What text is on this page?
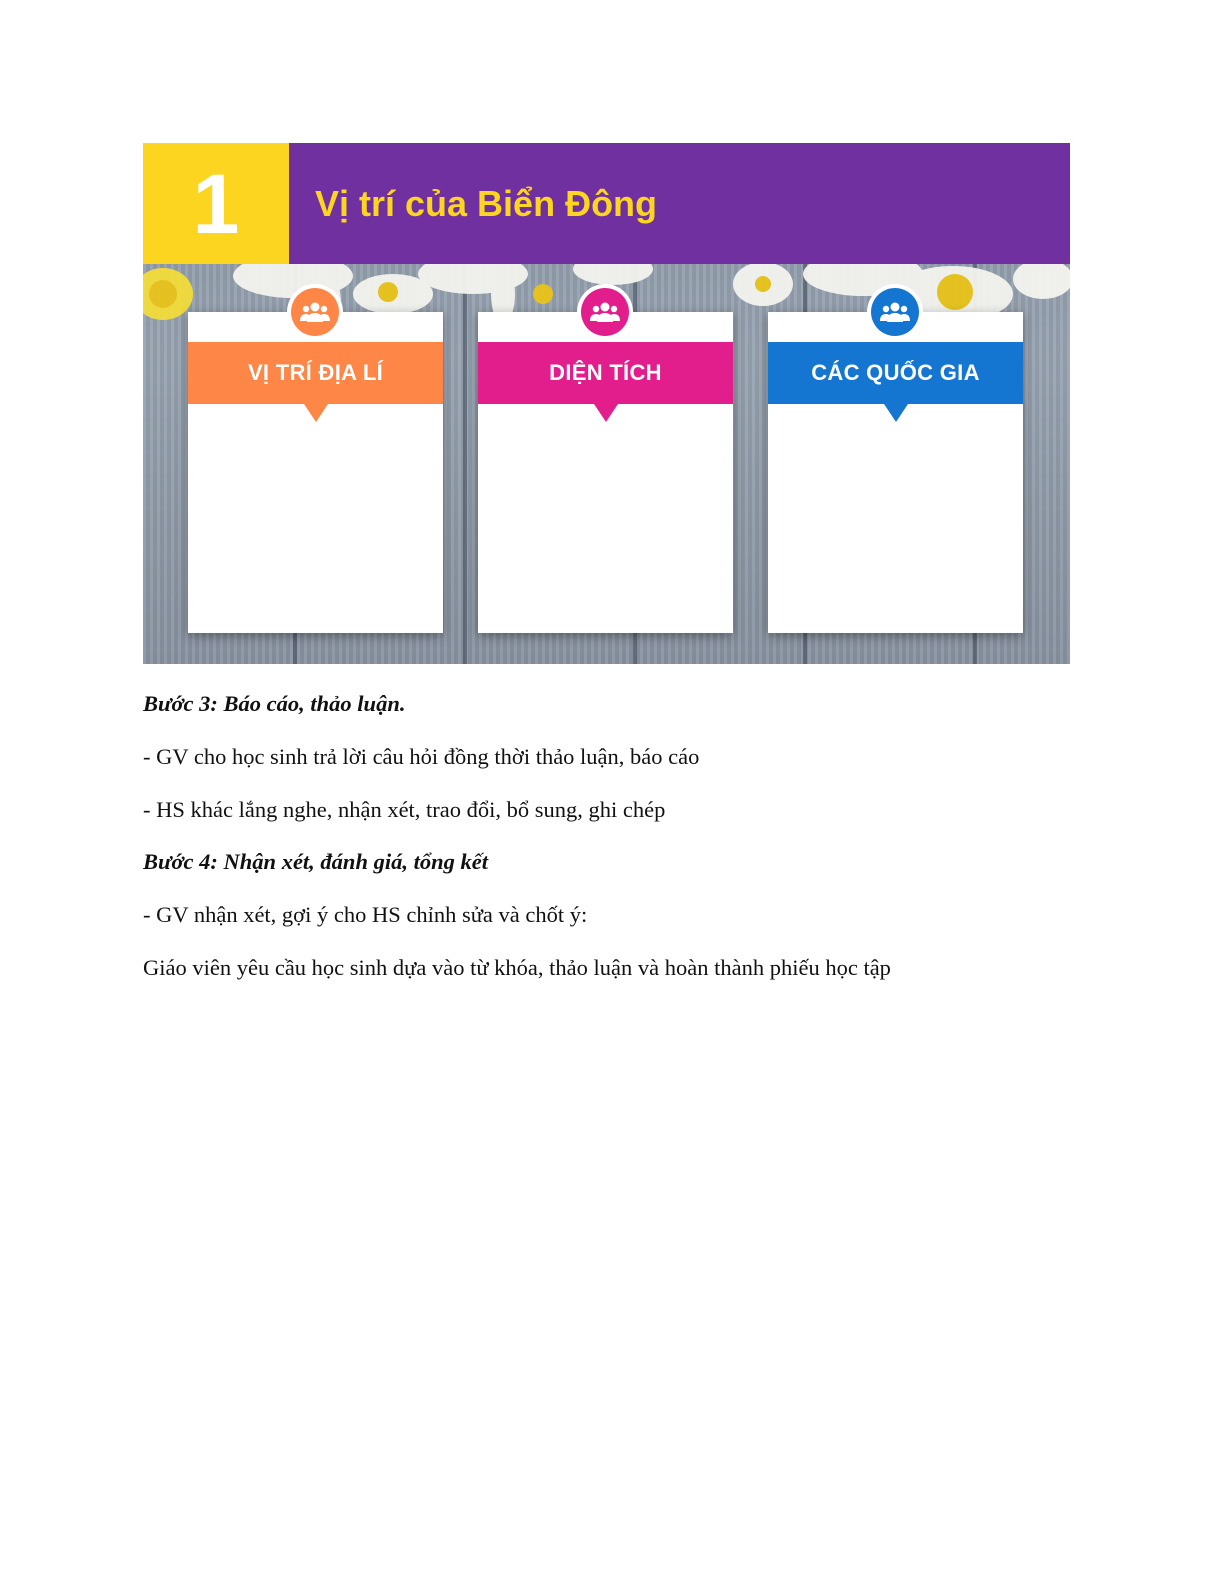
1	Vị trí của Biển Đông
VỊ TRÍ ĐỊA LÍ	DIỆN TÍCH	CÁC QUỐC GIA
Bước 3: Báo cáo, thảo luận.
- GV cho học sinh trả lời câu hỏi đồng thời thảo luận, báo cáo
- HS khác lắng nghe, nhận xét, trao đổi, bổ sung, ghi chép
Bước 4: Nhận xét, đánh giá, tổng kết
- GV nhận xét, gợi ý cho HS chỉnh sửa và chốt ý:
Giáo viên yêu cầu học sinh dựa vào từ khóa, thảo luận và hoàn thành phiếu học tập
